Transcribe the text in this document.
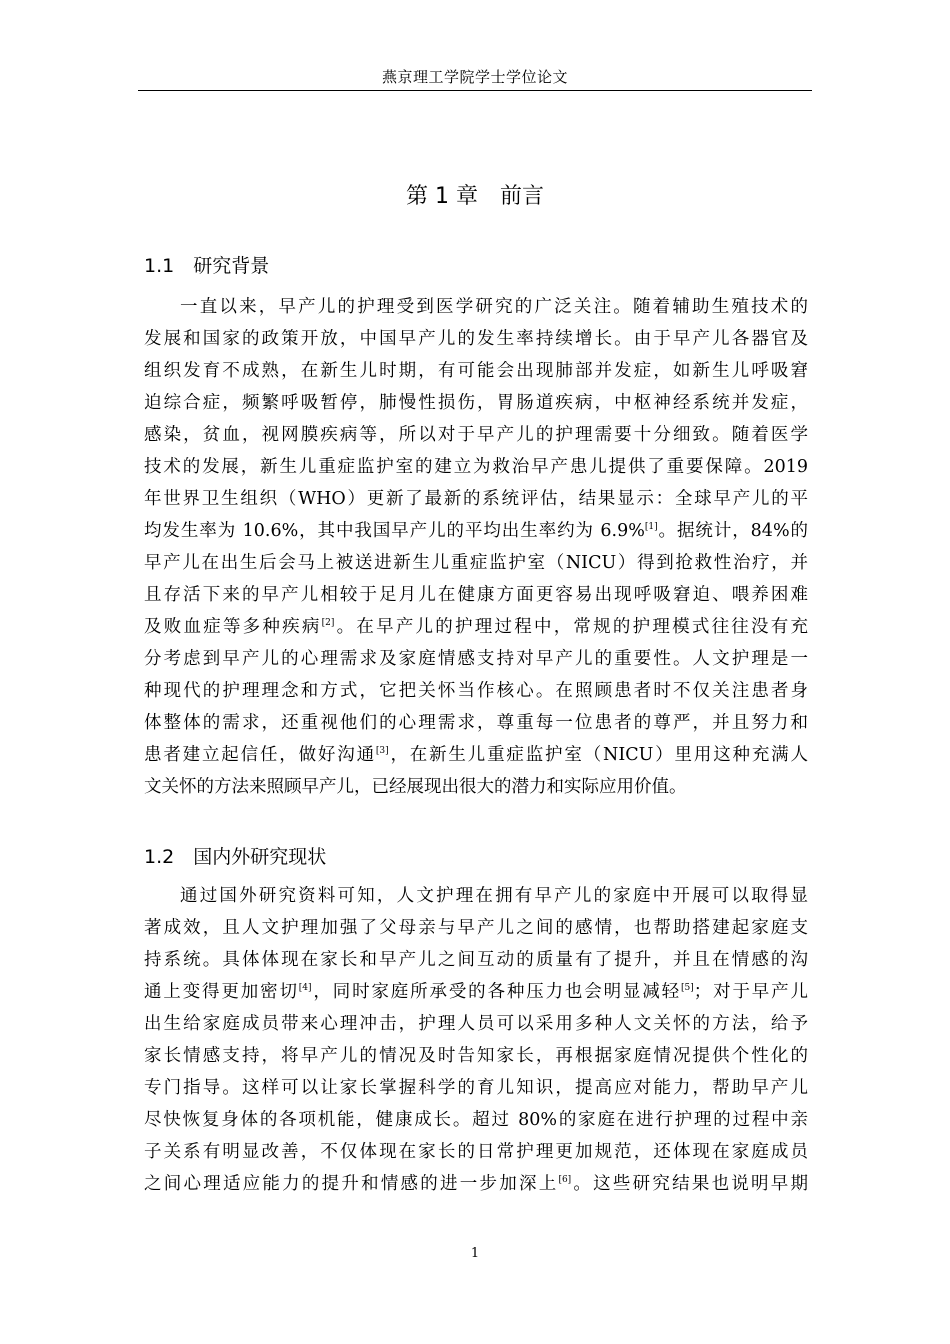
燕京理工学院学士学位论文
第 1 章　前言
1.1　研究背景
一直以来，早产儿的护理受到医学研究的广泛关注。随着辅助生殖技术的
发展和国家的政策开放，中国早产儿的发生率持续增长。由于早产儿各器官及
组织发育不成熟，在新生儿时期，有可能会出现肺部并发症，如新生儿呼吸窘
迫综合症，频繁呼吸暂停，肺慢性损伤，胃肠道疾病，中枢神经系统并发症，
感染，贫血，视网膜疾病等，所以对于早产儿的护理需要十分细致。随着医学
技术的发展，新生儿重症监护室的建立为救治早产患儿提供了重要保障。2019
年世界卫生组织（WHO）更新了最新的系统评估，结果显示：全球早产儿的平
均发生率为 10.6%，其中我国早产儿的平均出生率约为 6.9%[1]。据统计，84%的
早产儿在出生后会马上被送进新生儿重症监护室（NICU）得到抢救性治疗，并
且存活下来的早产儿相较于足月儿在健康方面更容易出现呼吸窘迫、喂养困难
及败血症等多种疾病[2]。在早产儿的护理过程中，常规的护理模式往往没有充
分考虑到早产儿的心理需求及家庭情感支持对早产儿的重要性。人文护理是一
种现代的护理理念和方式，它把关怀当作核心。在照顾患者时不仅关注患者身
体整体的需求，还重视他们的心理需求，尊重每一位患者的尊严，并且努力和
患者建立起信任，做好沟通[3]，在新生儿重症监护室（NICU）里用这种充满人
文关怀的方法来照顾早产儿，已经展现出很大的潜力和实际应用价值。
1.2　国内外研究现状
通过国外研究资料可知，人文护理在拥有早产儿的家庭中开展可以取得显
著成效，且人文护理加强了父母亲与早产儿之间的感情，也帮助搭建起家庭支
持系统。具体体现在家长和早产儿之间互动的质量有了提升，并且在情感的沟
通上变得更加密切[4]，同时家庭所承受的各种压力也会明显减轻[5]；对于早产儿
出生给家庭成员带来心理冲击，护理人员可以采用多种人文关怀的方法，给予
家长情感支持，将早产儿的情况及时告知家长，再根据家庭情况提供个性化的
专门指导。这样可以让家长掌握科学的育儿知识，提高应对能力，帮助早产儿
尽快恢复身体的各项机能，健康成长。超过 80%的家庭在进行护理的过程中亲
子关系有明显改善，不仅体现在家长的日常护理更加规范，还体现在家庭成员
之间心理适应能力的提升和情感的进一步加深上[6]。这些研究结果也说明早期
1
